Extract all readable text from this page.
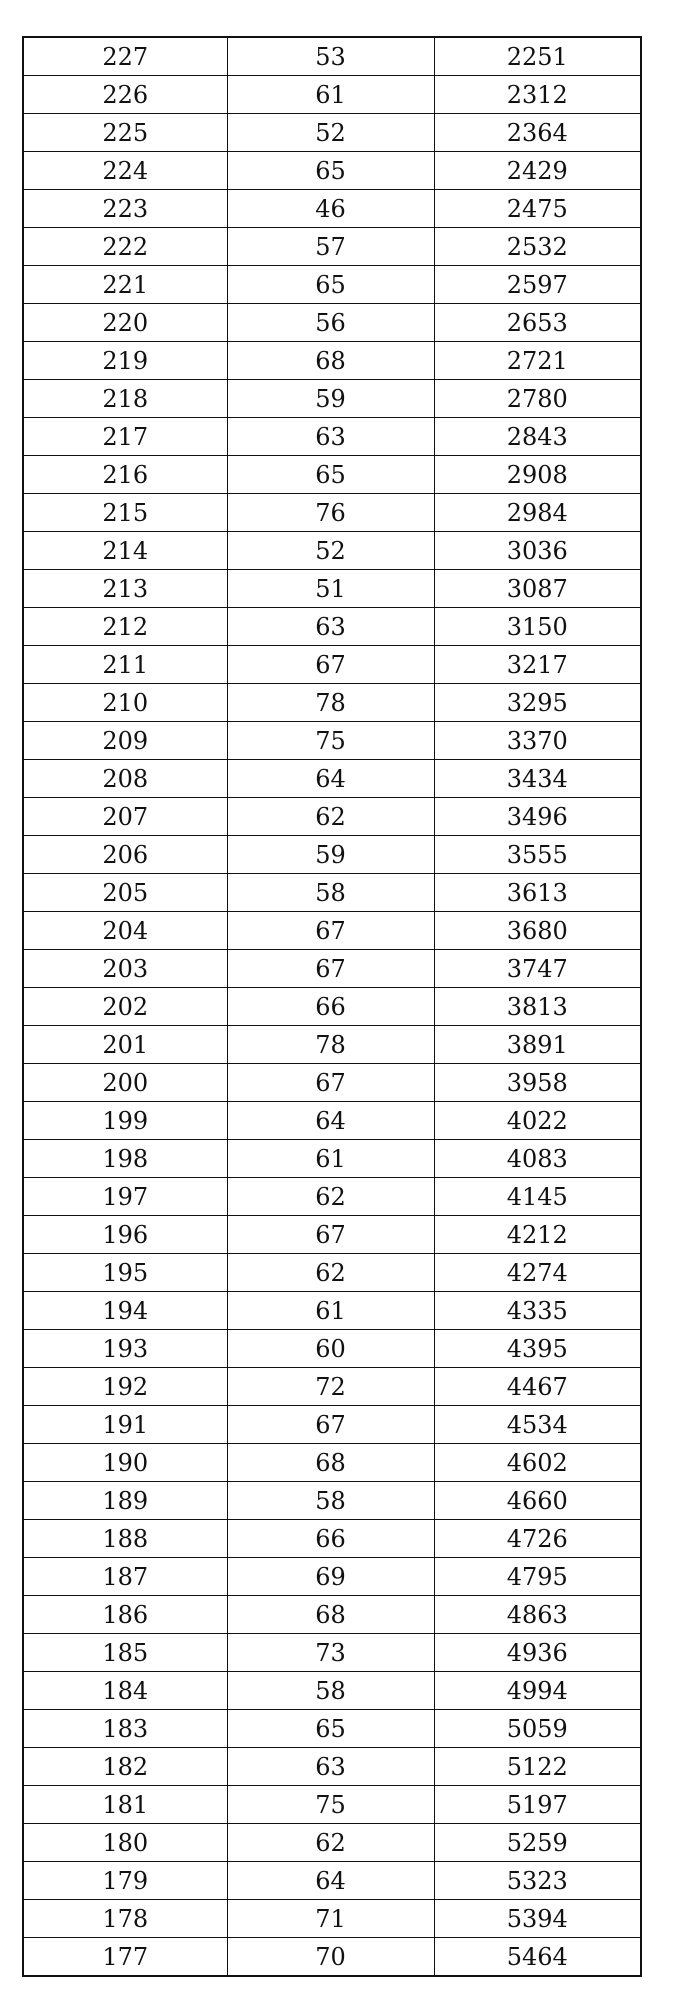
227	53	2251
226	61	2312
225	52	2364
224	65	2429
223	46	2475
222	57	2532
221	65	2597
220	56	2653
219	68	2721
218	59	2780
217	63	2843
216	65	2908
215	76	2984
214	52	3036
213	51	3087
212	63	3150
211	67	3217
210	78	3295
209	75	3370
208	64	3434
207	62	3496
206	59	3555
205	58	3613
204	67	3680
203	67	3747
202	66	3813
201	78	3891
200	67	3958
199	64	4022
198	61	4083
197	62	4145
196	67	4212
195	62	4274
194	61	4335
193	60	4395
192	72	4467
191	67	4534
190	68	4602
189	58	4660
188	66	4726
187	69	4795
186	68	4863
185	73	4936
184	58	4994
183	65	5059
182	63	5122
181	75	5197
180	62	5259
179	64	5323
178	71	5394
177	70	5464
